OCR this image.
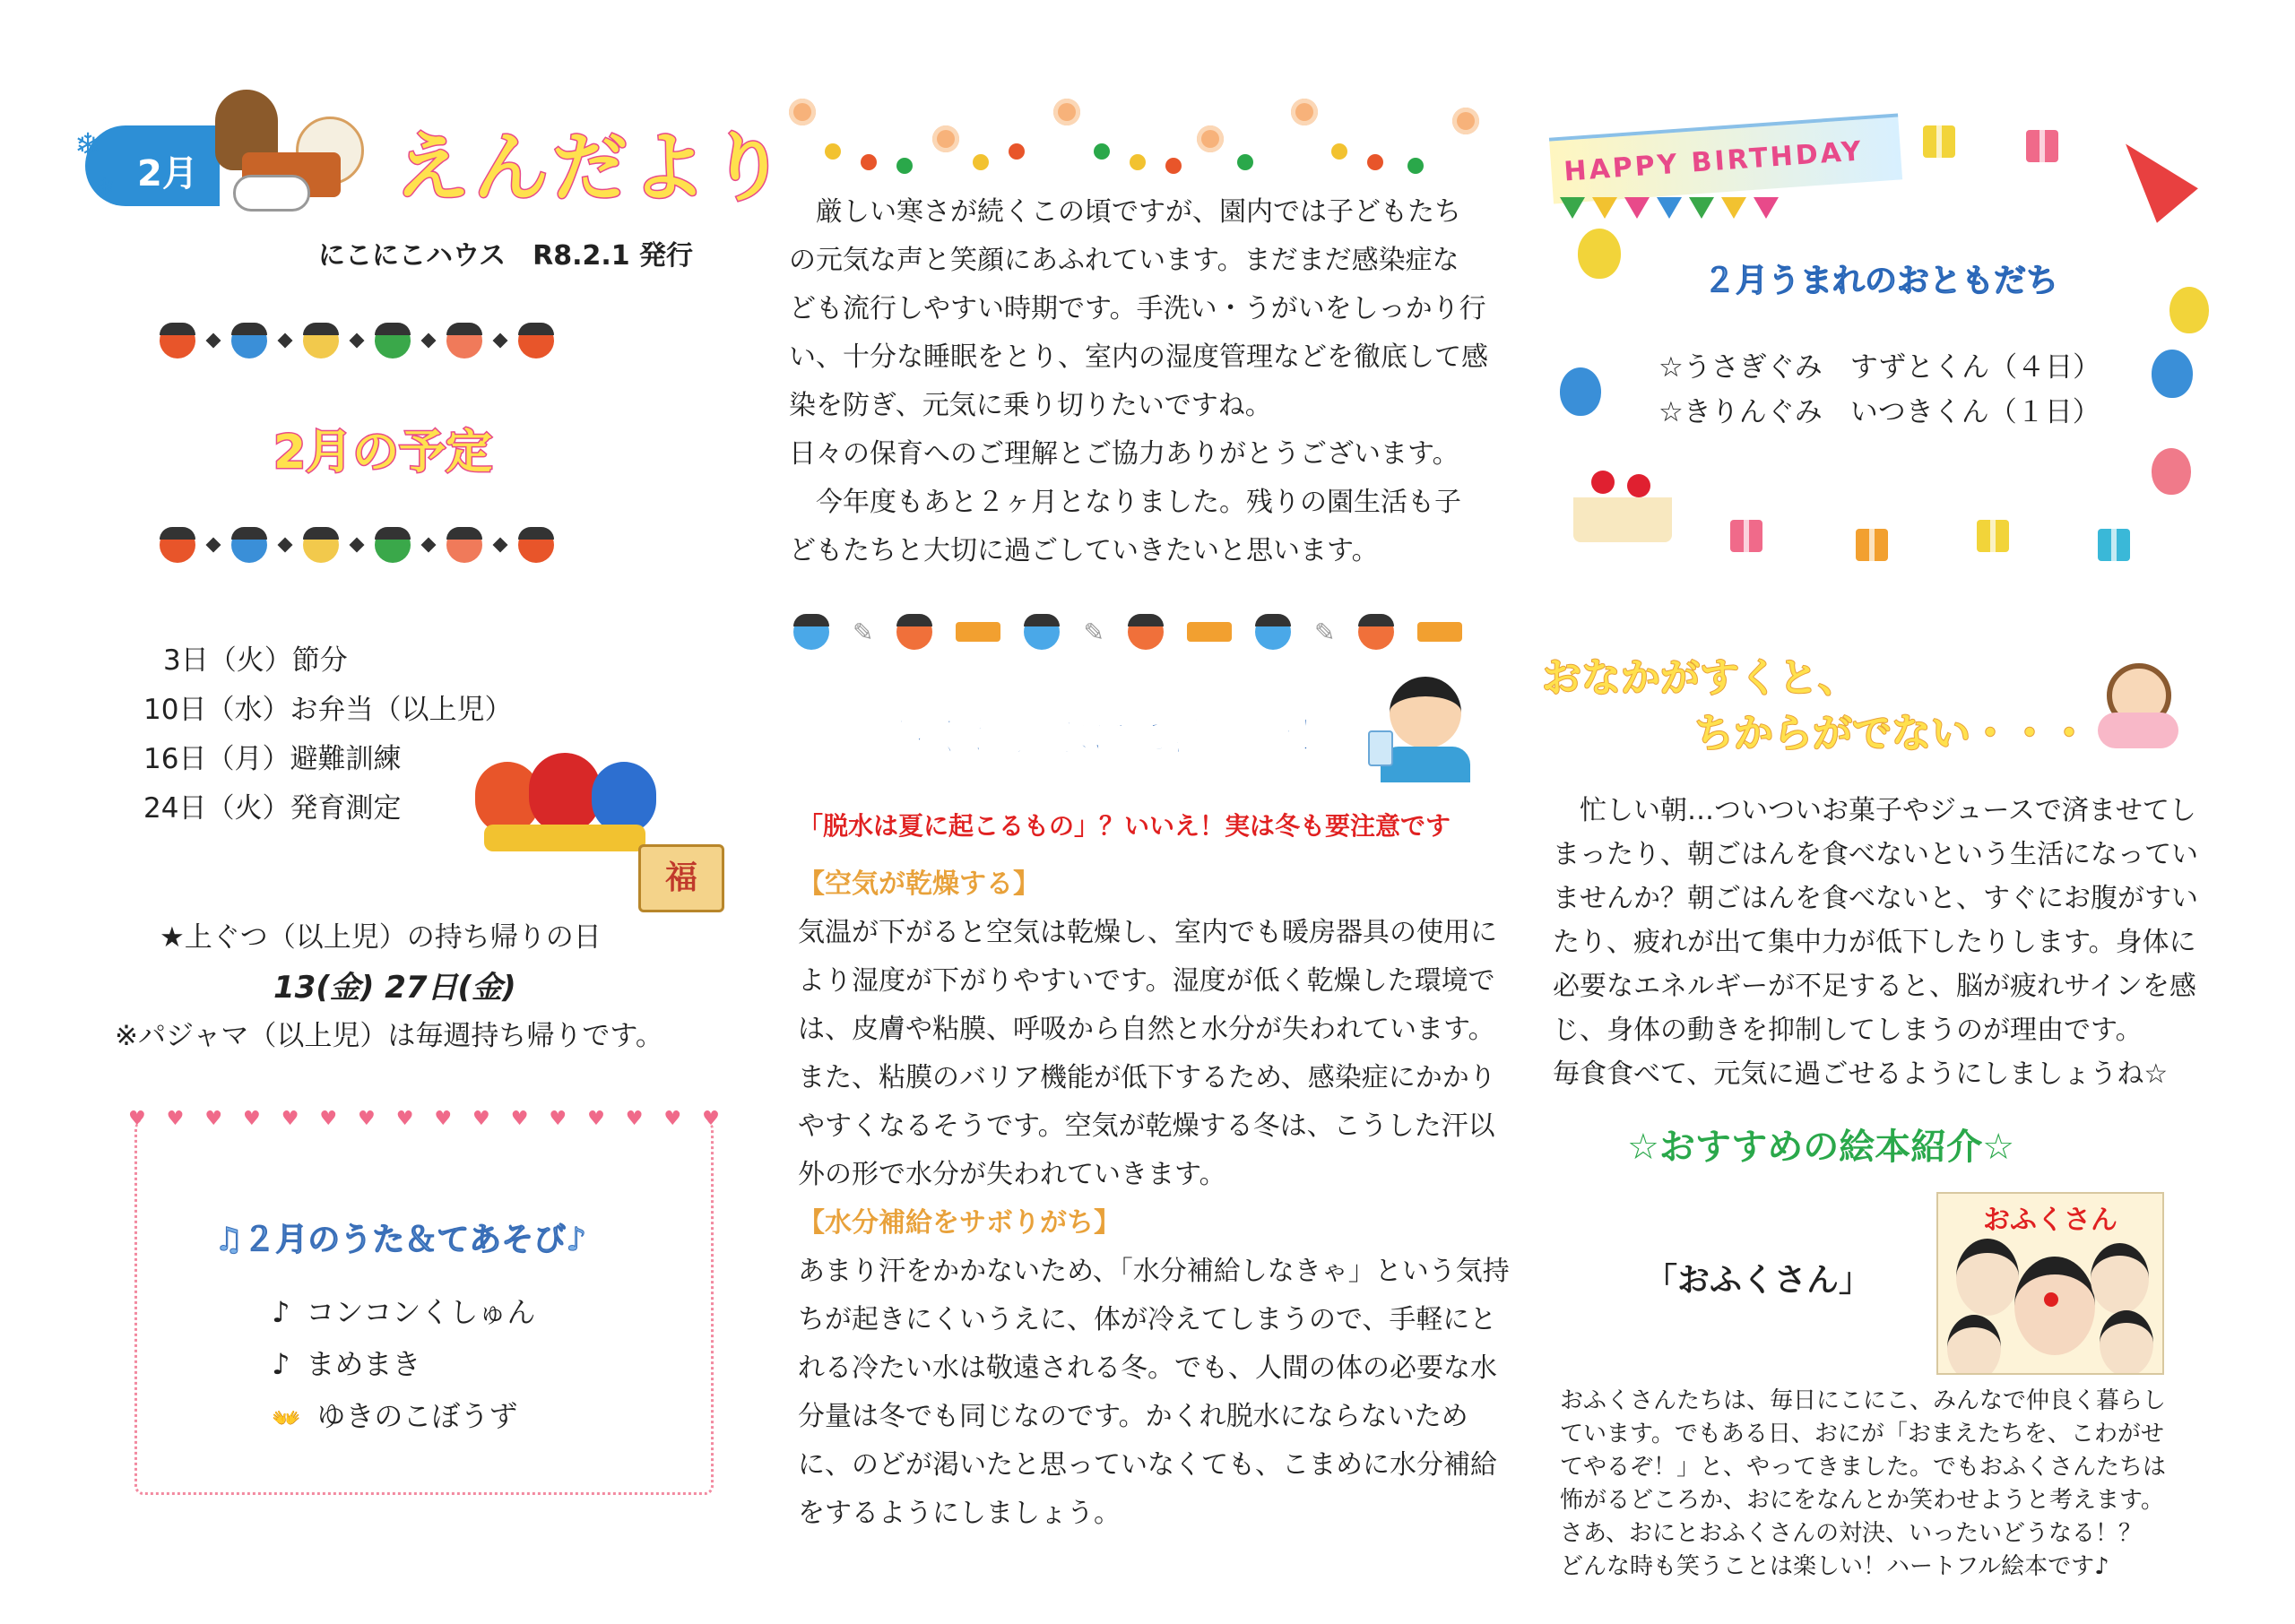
❄
❄ 2月	えんだより
にこにこハウス　R8.2.1 発行
2月の予定
3日（火）節分
10日（水）お弁当（以上児）
16日（月）避難訓練
24日（火）発育測定
福
★上ぐつ（以上児）の持ち帰りの日
13(金) 27日(金)
※パジャマ（以上児）は毎週持ち帰りです。
♥ ♥ ♥ ♥ ♥ ♥ ♥ ♥ ♥ ♥ ♥ ♥ ♥ ♥ ♥ ♥
♫２月のうた＆てあそび♪
♪ コンコンくしゅん
♪ まめまき
👐 ゆきのこぼうず

　厳しい寒さが続くこの頃ですが、園内では子どもたち

の元気な声と笑顔にあふれています。まだまだ感染症な

ども流行しやすい時期です。手洗い・うがいをしっかり行

い、十分な睡眠をとり、室内の湿度管理などを徹底して感

染を防ぎ、元気に乗り切りたいですね。

日々の保育へのご理解とご協力ありがとうございます。

　今年度もあと２ヶ月となりました。残りの園生活も子

どもたちと大切に過ごしていきたいと思います。

✎	✎	✎
かくれ脱水にご注意を！
「脱水は夏に起こるもの」？いいえ！実は冬も要注意です

【空気が乾燥する】

気温が下がると空気は乾燥し、室内でも暖房器具の使用に

より湿度が下がりやすいです。湿度が低く乾燥した環境で

は、皮膚や粘膜、呼吸から自然と水分が失われています。

また、粘膜のバリア機能が低下するため、感染症にかかり

やすくなるそうです。空気が乾燥する冬は、こうした汗以

外の形で水分が失われていきます。

【水分補給をサボりがち】

あまり汗をかかないため、「水分補給しなきゃ」という気持

ちが起きにくいうえに、体が冷えてしまうので、手軽にと

れる冷たい水は敬遠される冬。でも、人間の体の必要な水

分量は冬でも同じなのです。かくれ脱水にならないため

に、のどが渇いたと思っていなくても、こまめに水分補給

をするようにしましょう。

HAPPY BIRTHDAY
２月うまれのおともだち
☆うさぎぐみ　すずとくん（４日）
☆きりんぐみ　いつきくん（１日）
おなかがすくと、
ちからがでない・・・

　忙しい朝…ついついお菓子やジュースで済ませてし

まったり、朝ごはんを食べないという生活になってい

ませんか？朝ごはんを食べないと、すぐにお腹がすい

たり、疲れが出て集中力が低下したりします。身体に

必要なエネルギーが不足すると、脳が疲れサインを感

じ、身体の動きを抑制してしまうのが理由です。

毎食食べて、元気に過ごせるようにしましょうね☆

☆おすすめの絵本紹介☆
「おふくさん」
おふくさん
おふくさんたちは、毎日にこにこ、みんなで仲良く暮らし
ています。でもある日、おにが「おまえたちを、こわがせ
てやるぞ！」と、やってきました。でもおふくさんたちは
怖がるどころか、おにをなんとか笑わせようと考えます。
さあ、おにとおふくさんの対決、いったいどうなる！？
どんな時も笑うことは楽しい！ハートフル絵本です♪
